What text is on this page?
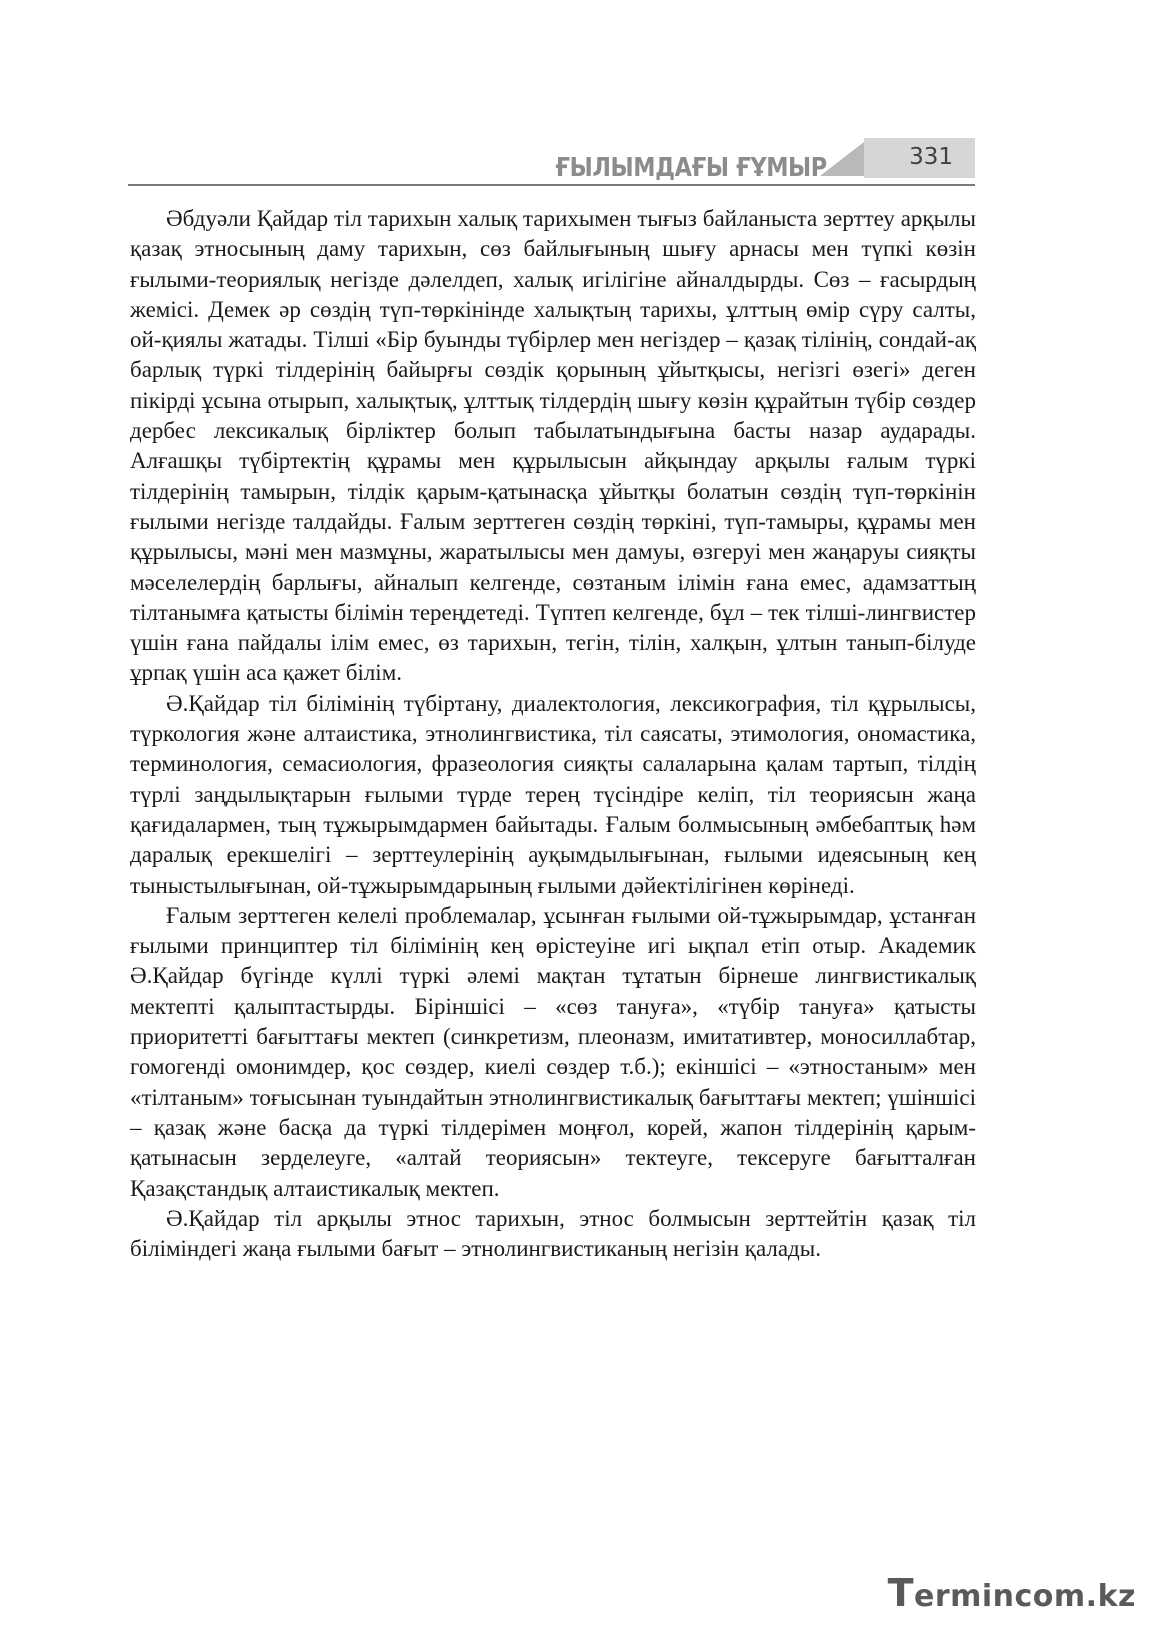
ҒЫЛЫМДАҒЫ ҒҰМЫР	331

Әбдуәли Қайдар тіл тарихын халық тарихымен тығыз байланыста зерттеу арқылы қазақ этносының даму тарихын, сөз байлығының шығу арнасы мен түпкі көзін ғылыми-теориялық негізде дәлелдеп, халық игілігіне айналдырды. Сөз – ғасырдың жемісі. Демек әр сөздің түп-төркінінде халықтың тарихы, ұлттың өмір сүру салты, ой-қиялы жатады. Тілші «Бір буынды түбірлер мен негіздер – қазақ тілінің, сондай-ақ барлық түркі тілдерінің байырғы сөздік қорының ұйытқысы, негізгі өзегі» деген пікірді ұсына отырып, халықтық, ұлттық тілдердің шығу көзін құрайтын түбір сөздер дербес лексикалық бірліктер болып табылатындығына басты назар аударады. Алғашқы түбіртектің құрамы мен құрылысын айқындау арқылы ғалым түркі тілдерінің тамырын, тілдік қарым-қатынасқа ұйытқы болатын сөздің түп-төркінін ғылыми негізде талдайды. Ғалым зерттеген сөздің төркіні, түп-тамыры, құрамы мен құрылысы, мәні мен мазмұны, жаратылысы мен дамуы, өзгеруі мен жаңаруы сияқты мәселелердің барлығы, айналып келгенде, сөзтаным ілімін ғана емес, адамзаттың тілтанымға қатысты білімін тереңдетеді. Түптеп келгенде, бұл – тек тілші-лингвистер үшін ғана пайдалы ілім емес, өз тарихын, тегін, тілін, халқын, ұлтын танып-білуде ұрпақ үшін аса қажет білім.

Ә.Қайдар тіл білімінің түбіртану, диалектология, лексикография, тіл құрылысы, түркология және алтаистика, этнолингвистика, тіл саясаты, этимология, ономастика, терминология, семасиология, фразеология сияқты салаларына қалам тартып, тілдің түрлі заңдылықтарын ғылыми түрде терең түсіндіре келіп, тіл теориясын жаңа қағидалармен, тың тұжырымдармен байытады. Ғалым болмысының әмбебаптық һәм даралық ерекшелігі – зерттеулерінің ауқымдылығынан, ғылыми идеясының кең тыныстылығынан, ой-тұжырымдарының ғылыми дәйектілігінен көрінеді.

Ғалым зерттеген келелі проблемалар, ұсынған ғылыми ой-тұжырымдар, ұстанған ғылыми принциптер тіл білімінің кең өрістеуіне игі ықпал етіп отыр. Академик Ә.Қайдар бүгінде күллі түркі әлемі мақтан тұтатын бірнеше лингвистикалық мектепті қалыптастырды. Біріншісі – «сөз тануға», «түбір тануға» қатысты приоритетті бағыттағы мектеп (синкретизм, плеоназм, имитативтер, моносиллабтар, гомогенді омонимдер, қос сөздер, киелі сөздер т.б.); екіншісі – «этностаным» мен «тілтаным» тоғысынан туындайтын этнолингвистикалық бағыттағы мектеп; үшіншісі – қазақ және басқа да түркі тілдерімен моңғол, корей, жапон тілдерінің қарым-қатынасын зерделеуге, «алтай теориясын» тектеуге, тексеруге бағытталған Қазақстандық алтаистикалық мектеп.

Ә.Қайдар тіл арқылы этнос тарихын, этнос болмысын зерттейтін қазақ тіл біліміндегі жаңа ғылыми бағыт – этнолингвистиканың негізін қалады.

Termincom.kz
